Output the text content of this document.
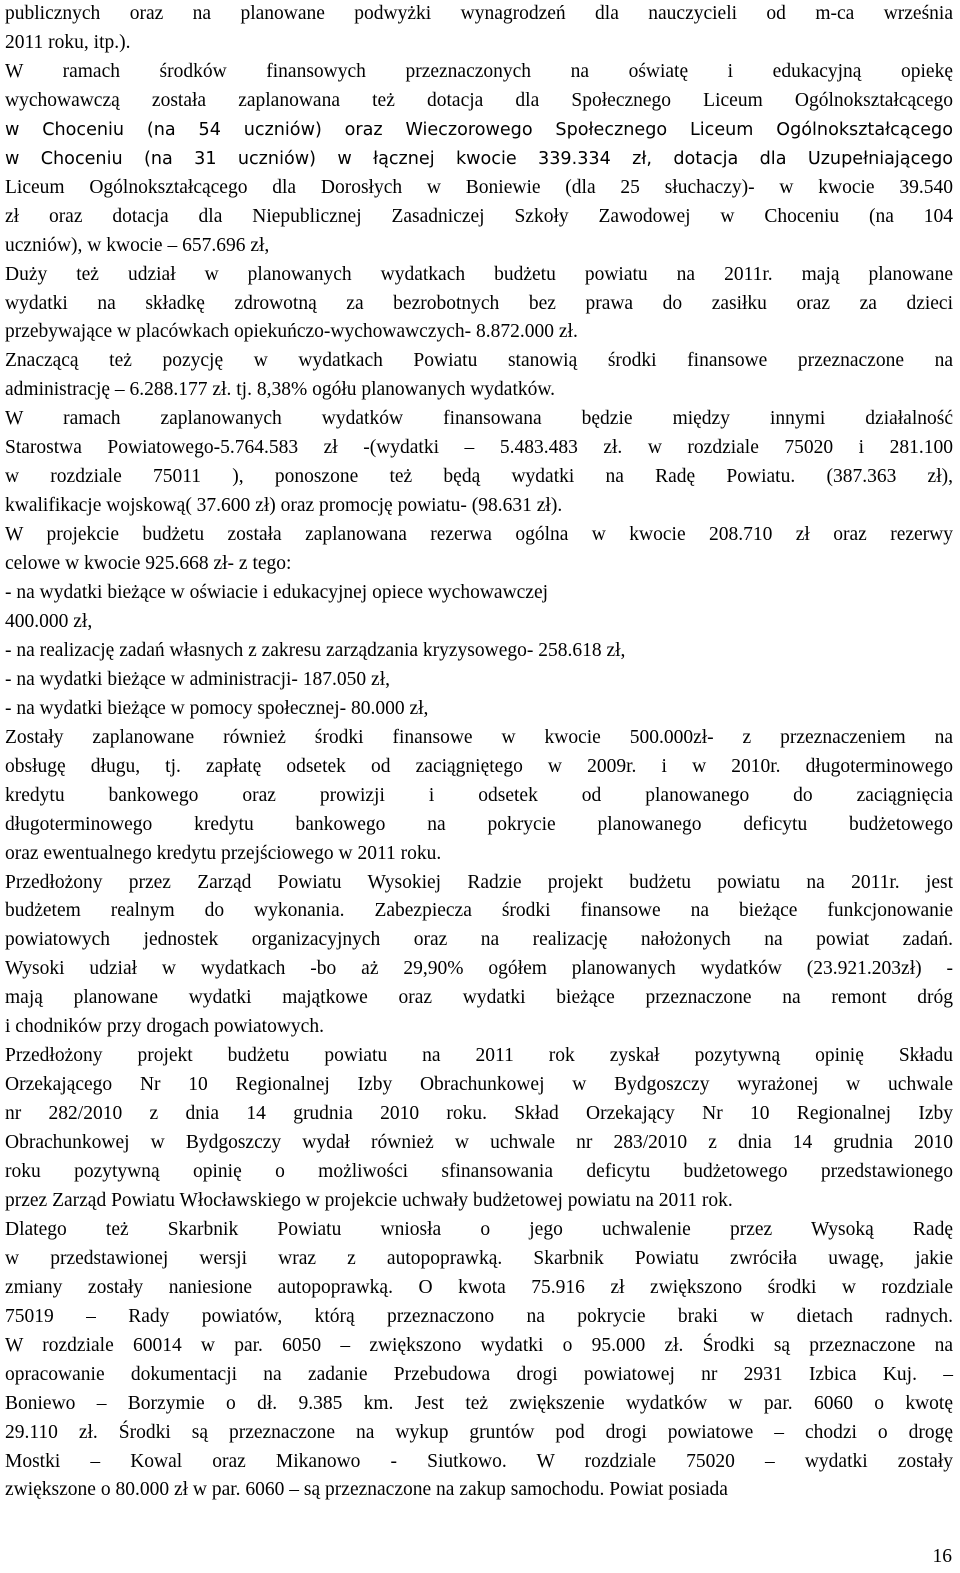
publicznych oraz na planowane podwyżki wynagrodzeń dla nauczycieli od m-ca września
2011 roku, itp.).
W ramach środków finansowych przeznaczonych na oświatę i edukacyjną opiekę
wychowawczą została zaplanowana też dotacja dla Społecznego Liceum Ogólnokształcącego
w Choceniu (na 54 uczniów) oraz Wieczorowego Społecznego Liceum Ogólnokształcącego
w Choceniu (na 31 uczniów) w łącznej kwocie 339.334 zł, dotacja dla Uzupełniającego
Liceum Ogólnokształcącego dla Dorosłych w Boniewie (dla 25 słuchaczy)- w kwocie 39.540
zł oraz dotacja dla Niepublicznej Zasadniczej Szkoły Zawodowej w Choceniu (na 104
uczniów), w kwocie – 657.696 zł,
Duży też udział w planowanych wydatkach budżetu powiatu na 2011r. mają planowane
wydatki na składkę zdrowotną za bezrobotnych bez prawa do zasiłku oraz za dzieci
przebywające w placówkach opiekuńczo-wychowawczych- 8.872.000 zł.
Znaczącą też pozycję w wydatkach Powiatu stanowią środki finansowe przeznaczone na
administrację – 6.288.177 zł. tj. 8,38% ogółu planowanych wydatków.
W ramach zaplanowanych wydatków finansowana będzie między innymi działalność
Starostwa Powiatowego-5.764.583 zł -(wydatki – 5.483.483 zł. w rozdziale 75020 i 281.100
w rozdziale 75011 ), ponoszone też będą wydatki na Radę Powiatu. (387.363 zł),
kwalifikacje wojskową( 37.600 zł) oraz promocję powiatu- (98.631 zł).
W projekcie budżetu została zaplanowana rezerwa ogólna w kwocie 208.710 zł oraz rezerwy
celowe w kwocie 925.668 zł- z tego:
- na wydatki bieżące w oświacie i edukacyjnej opiece wychowawczej
400.000 zł,
- na realizację zadań własnych z zakresu zarządzania kryzysowego- 258.618 zł,
- na wydatki bieżące w administracji- 187.050 zł,
- na wydatki bieżące w pomocy społecznej- 80.000 zł,
Zostały zaplanowane również środki finansowe w kwocie 500.000zł- z przeznaczeniem na
obsługę długu, tj. zapłatę odsetek od zaciągniętego w 2009r. i w 2010r. długoterminowego
kredytu bankowego oraz prowizji i odsetek od planowanego do zaciągnięcia
długoterminowego kredytu bankowego na pokrycie planowanego deficytu budżetowego
oraz ewentualnego kredytu przejściowego w 2011 roku.
Przedłożony przez Zarząd Powiatu Wysokiej Radzie projekt budżetu powiatu na 2011r. jest
budżetem realnym do wykonania. Zabezpiecza środki finansowe na bieżące funkcjonowanie
powiatowych jednostek organizacyjnych oraz na realizację nałożonych na powiat zadań.
Wysoki udział w wydatkach -bo aż 29,90% ogółem planowanych wydatków (23.921.203zł) -
mają planowane wydatki majątkowe oraz wydatki bieżące przeznaczone na remont dróg
i chodników przy drogach powiatowych.
Przedłożony projekt budżetu powiatu na 2011 rok zyskał pozytywną opinię Składu
Orzekającego Nr 10 Regionalnej Izby Obrachunkowej w Bydgoszczy wyrażonej w uchwale
nr 282/2010 z dnia 14 grudnia 2010 roku. Skład Orzekający Nr 10 Regionalnej Izby
Obrachunkowej w Bydgoszczy wydał również w uchwale nr 283/2010 z dnia 14 grudnia 2010
roku pozytywną opinię o możliwości sfinansowania deficytu budżetowego przedstawionego
przez Zarząd Powiatu Włocławskiego w projekcie uchwały budżetowej powiatu na 2011 rok.
Dlatego też Skarbnik Powiatu wniosła o jego uchwalenie przez Wysoką Radę
w przedstawionej wersji wraz z autopoprawką. Skarbnik Powiatu zwróciła uwagę, jakie
zmiany zostały naniesione autopoprawką. O kwota 75.916 zł zwiększono środki w rozdziale
75019 – Rady powiatów, którą przeznaczono na pokrycie braki w dietach radnych.
W rozdziale 60014 w par. 6050 – zwiększono wydatki o 95.000 zł. Środki są przeznaczone na
opracowanie dokumentacji na zadanie Przebudowa drogi powiatowej nr 2931 Izbica Kuj. –
Boniewo – Borzymie o dł. 9.385 km. Jest też zwiększenie wydatków w par. 6060 o kwotę
29.110 zł. Środki są przeznaczone na wykup gruntów pod drogi powiatowe – chodzi o drogę
Mostki – Kowal oraz Mikanowo - Siutkowo. W rozdziale 75020 – wydatki zostały
zwiększone o 80.000 zł w par. 6060 – są przeznaczone na zakup samochodu. Powiat posiada
16
